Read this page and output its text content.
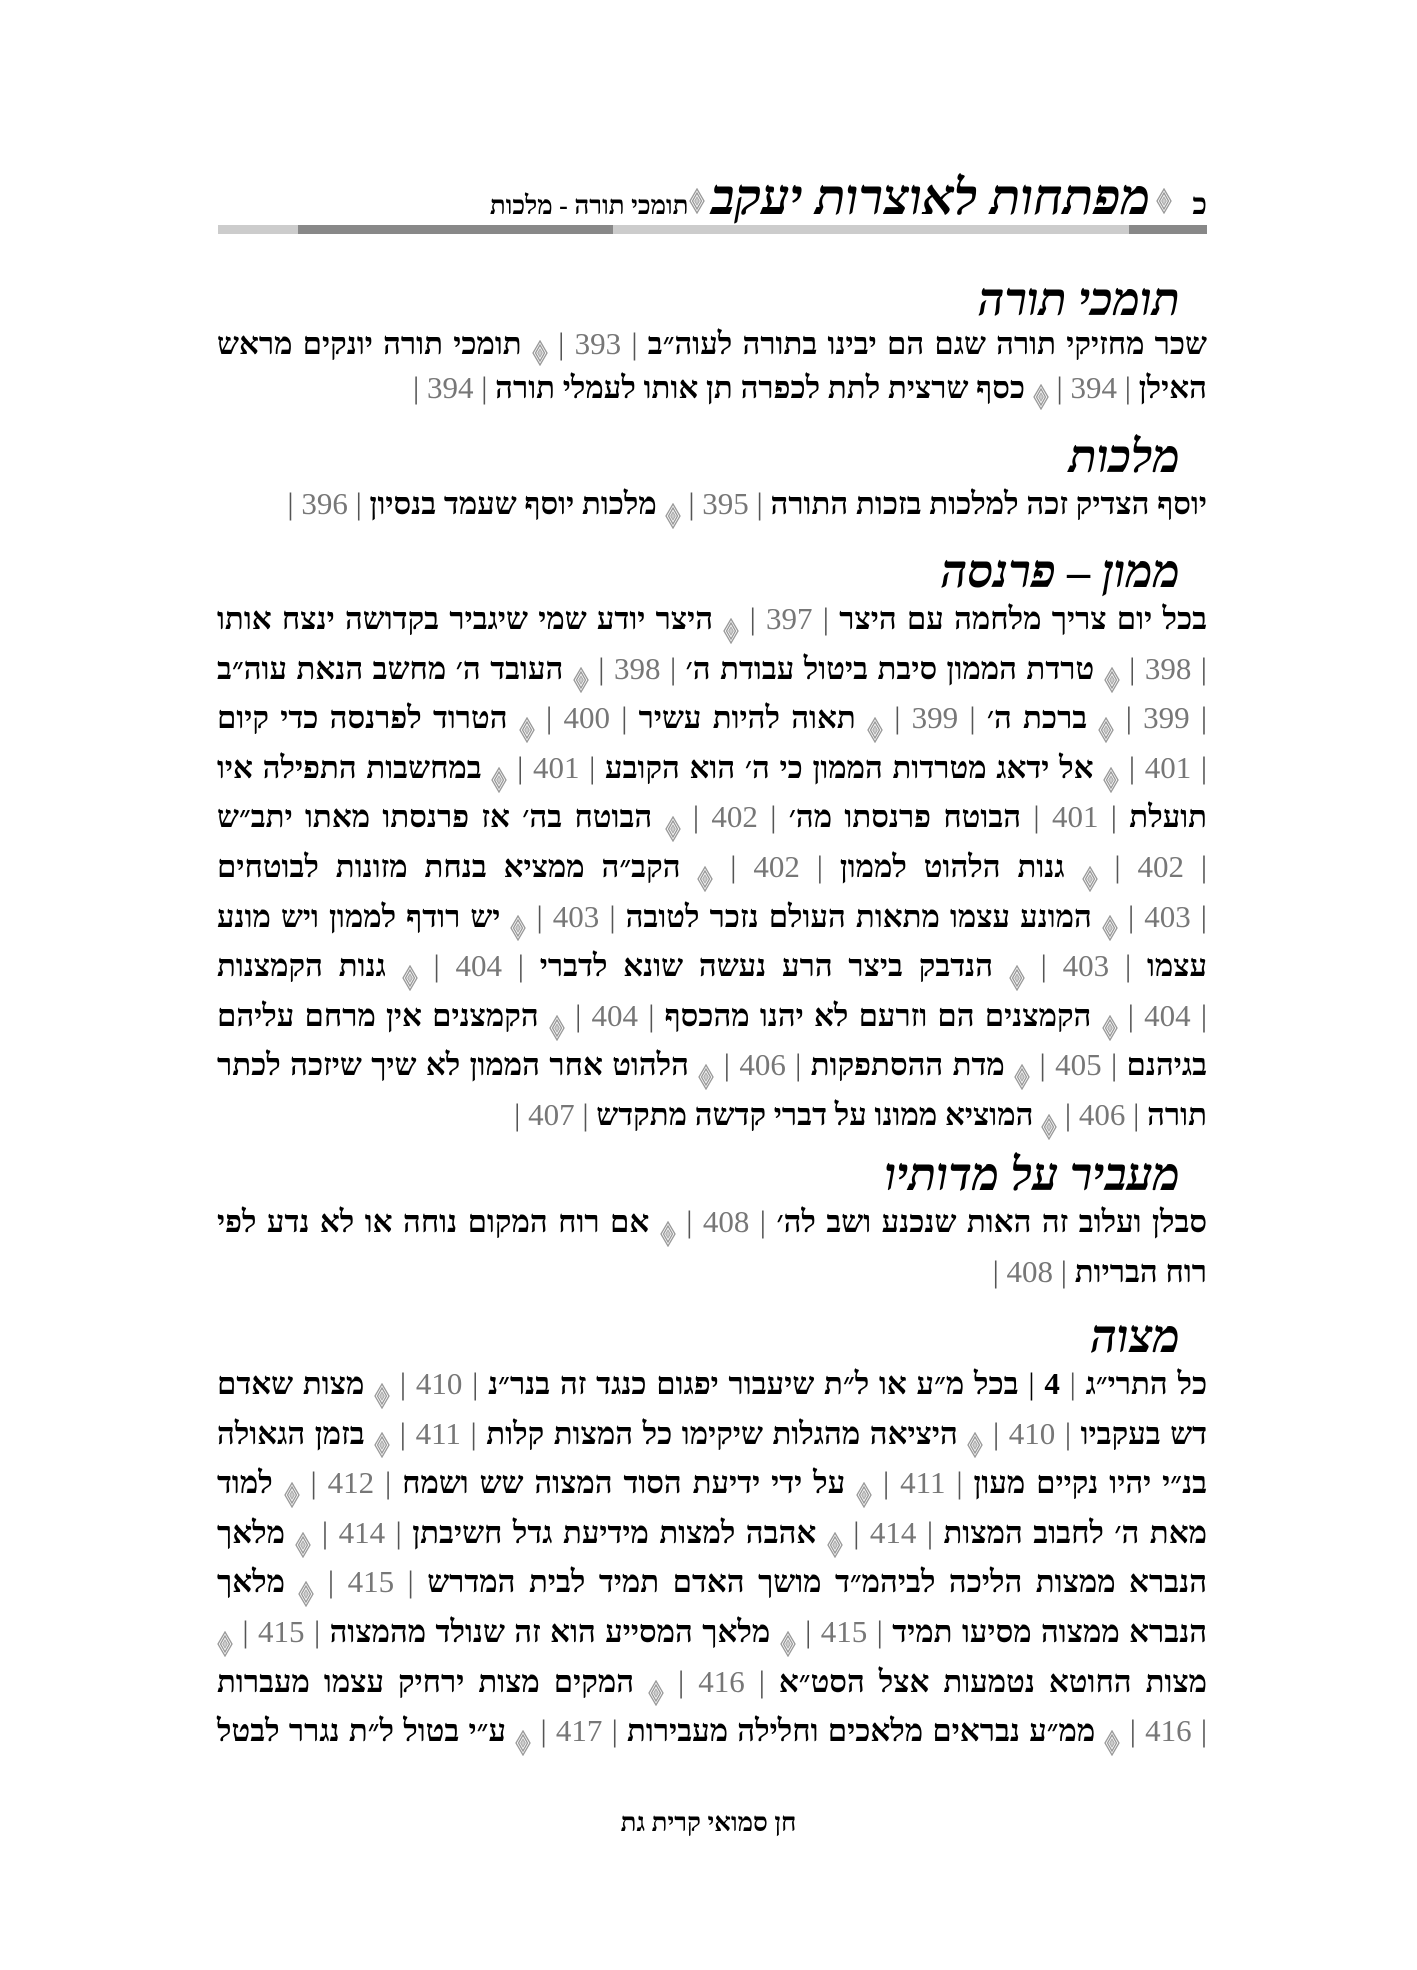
כ
מפתחות לאוצרות יעקב
תומכי תורה - מלכות
תומכי תורה
שכר מחזיקי תורה שגם הם יבינו בתורה לעוה״ב | 393 |  תומכי תורה יונקים מראש
האילן | 394 |  כסף שרצית לתת לכפרה תן אותו לעמלי תורה | 394 |
מלכות
יוסף הצדיק זכה למלכות בזכות התורה | 395 |  מלכות יוסף שעמד בנסיון | 396 |
ממון – פרנסה
בכל יום צריך מלחמה עם היצר | 397 |  היצר יודע שמי שיגביר בקדושה ינצח אותו
| 398 |  טרדת הממון סיבת ביטול עבודת ה׳ | 398 |  העובד ה׳ מחשב הנאת עוה״ב
| 399 |  ברכת ה׳ | 399 |  תאוה להיות עשיר | 400 |  הטרוד לפרנסה כדי קיום
| 401 |  אל ידאג מטרדות הממון כי ה׳ הוא הקובע | 401 |  במחשבות התפילה איו
תועלת | 401 | הבוטח פרנסתו מה׳ | 402 |  הבוטח בה׳ אז פרנסתו מאתו יתב״ש
| 402 |  גנות הלהוט לממון | 402 |  הקב״ה ממציא בנחת מזונות לבוטחים
| 403 |  המונע עצמו מתאות העולם נזכר לטובה | 403 |  יש רודף לממון ויש מונע
עצמו | 403 |  הנדבק ביצר הרע נעשה שונא לדברי | 404 |  גנות הקמצנות
| 404 |  הקמצנים הם וזרעם לא יהנו מהכסף | 404 |  הקמצנים אין מרחם עליהם
בגיהנם | 405 |  מדת ההסתפקות | 406 |  הלהוט אחר הממון לא שיך שיזכה לכתר
תורה | 406 |  המוציא ממונו על דברי קדשה מתקדש | 407 |
מעביר על מדותיו
סבלן ועלוב זה האות שנכנע ושב לה׳ | 408 |  אם רוח המקום נוחה או לא נדע לפי
רוח הבריות | 408 |
מצוה
כל התרי״ג | 4 | בכל מ״ע או ל״ת שיעבור יפגום כנגד זה בנר״נ | 410 |  מצות שאדם
דש בעקביו | 410 |  היציאה מהגלות שיקימו כל המצות קלות | 411 |  בזמן הגאולה
בנ״י יהיו נקיים מעון | 411 |  על ידי ידיעת הסוד המצוה שש ושמח | 412 |  למוד
מאת ה׳ לחבוב המצות | 414 |  אהבה למצות מידיעת גדל חשיבתן | 414 |  מלאך
הנברא ממצות הליכה לביהמ״ד מושך האדם תמיד לבית המדרש | 415 |  מלאך
הנברא ממצוה מסיעו תמיד | 415 |  מלאך המסייע הוא זה שנולד מהמצוה | 415 |
מצות החוטא נטמעות אצל הסט״א | 416 |  המקים מצות ירחיק עצמו מעברות
| 416 |  ממ״ע נבראים מלאכים וחלילה מעבירות | 417 |  ע״י בטול ל״ת נגרר לבטל
חן סמואי קרית גת
